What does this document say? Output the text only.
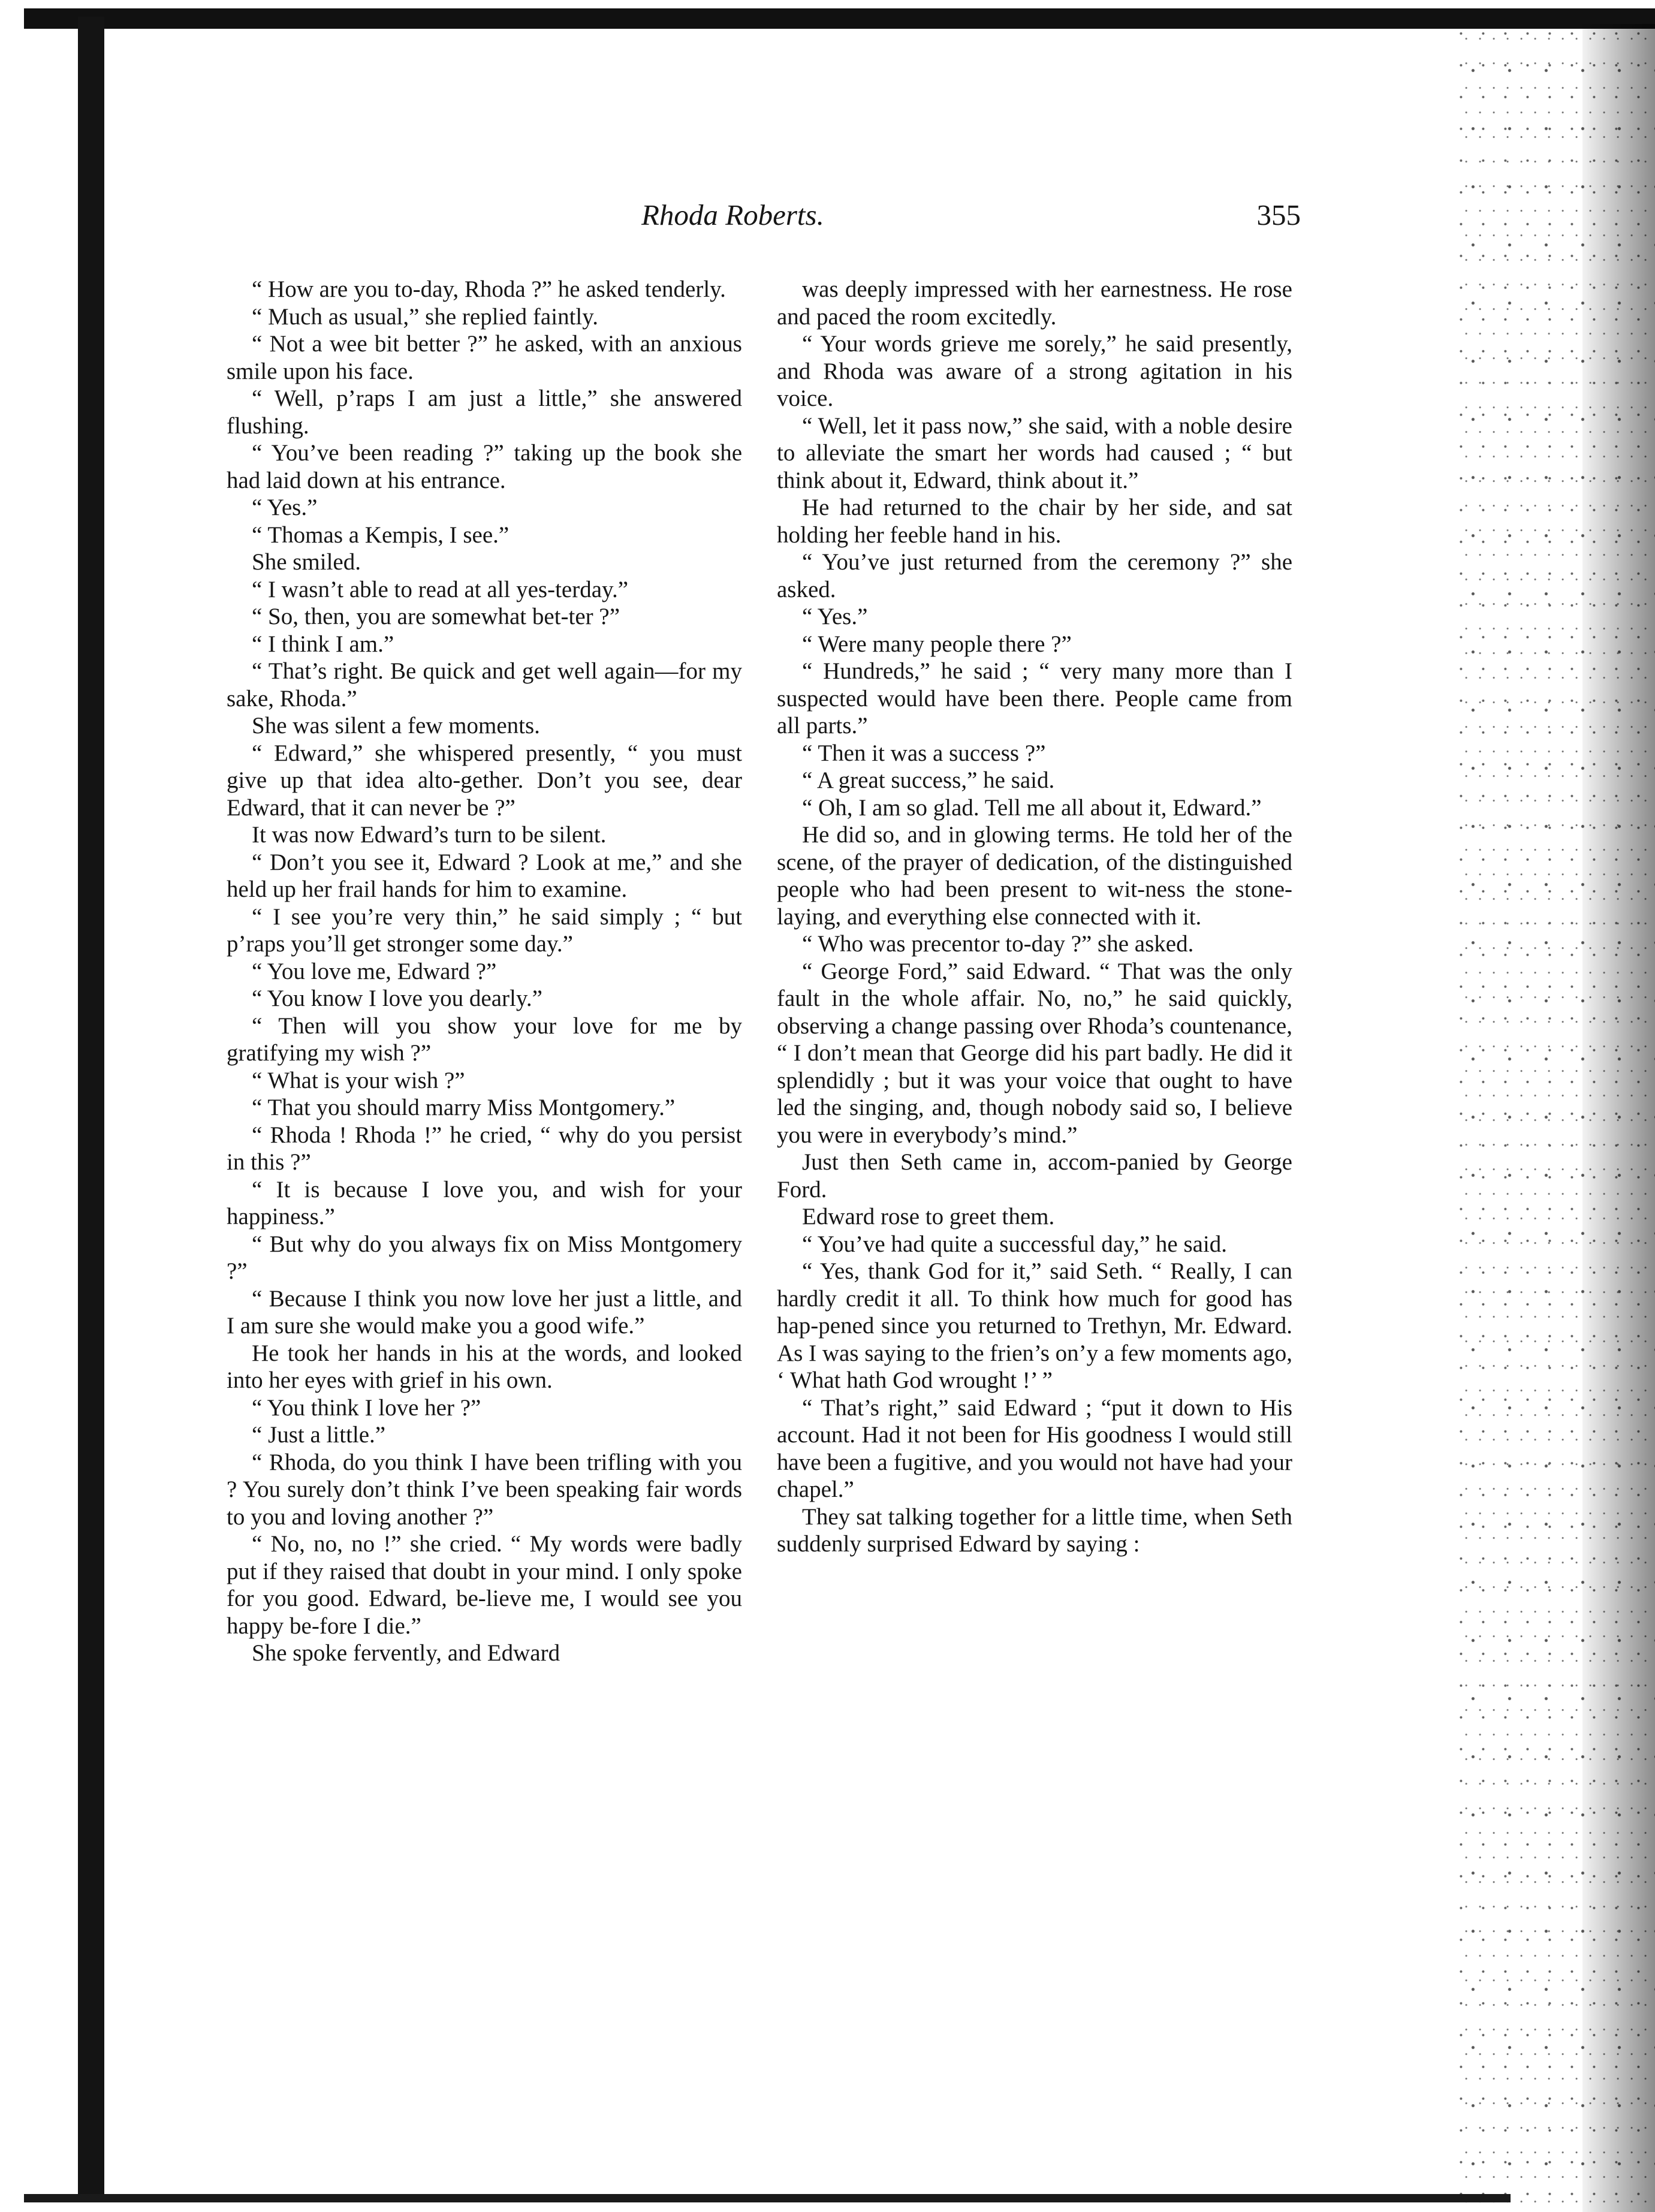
Rhoda Roberts.	355

“ How are you to-day, Rhoda ?” he asked tenderly.

“ Much as usual,” she replied faintly.

“ Not a wee bit better ?” he asked, with an anxious smile upon his face.

“ Well, p’raps I am just a little,” she answered flushing.

“ You’ve been reading ?” taking up the book she had laid down at his entrance.

“ Yes.”

“ Thomas a Kempis, I see.”

She smiled.

“ I wasn’t able to read at all yes-terday.”

“ So, then, you are somewhat bet-ter ?”

“ I think I am.”

“ That’s right. Be quick and get well again—for my sake, Rhoda.”

She was silent a few moments.

“ Edward,” she whispered presently, “ you must give up that idea alto-gether. Don’t you see, dear Edward, that it can never be ?”

It was now Edward’s turn to be silent.

“ Don’t you see it, Edward ? Look at me,” and she held up her frail hands for him to examine.

“ I see you’re very thin,” he said simply ; “ but p’raps you’ll get stronger some day.”

“ You love me, Edward ?”

“ You know I love you dearly.”

“ Then will you show your love for me by gratifying my wish ?”

“ What is your wish ?”

“ That you should marry Miss Montgomery.”

“ Rhoda ! Rhoda !” he cried, “ why do you persist in this ?”

“ It is because I love you, and wish for your happiness.”

“ But why do you always fix on Miss Montgomery ?”

“ Because I think you now love her just a little, and I am sure she would make you a good wife.”

He took her hands in his at the words, and looked into her eyes with grief in his own.

“ You think I love her ?”

“ Just a little.”

“ Rhoda, do you think I have been trifling with you ? You surely don’t think I’ve been speaking fair words to you and loving another ?”

“ No, no, no !” she cried. “ My words were badly put if they raised that doubt in your mind. I only spoke for you good. Edward, be-lieve me, I would see you happy be-fore I die.”

She spoke fervently, and Edward

was deeply impressed with her earnestness. He rose and paced the room excitedly.

“ Your words grieve me sorely,” he said presently, and Rhoda was aware of a strong agitation in his voice.

“ Well, let it pass now,” she said, with a noble desire to alleviate the smart her words had caused ; “ but think about it, Edward, think about it.”

He had returned to the chair by her side, and sat holding her feeble hand in his.

“ You’ve just returned from the ceremony ?” she asked.

“ Yes.”

“ Were many people there ?”

“ Hundreds,” he said ; “ very many more than I suspected would have been there. People came from all parts.”

“ Then it was a success ?”

“ A great success,” he said.

“ Oh, I am so glad. Tell me all about it, Edward.”

He did so, and in glowing terms. He told her of the scene, of the prayer of dedication, of the distinguished people who had been present to wit-ness the stone-laying, and everything else connected with it.

“ Who was precentor to-day ?” she asked.

“ George Ford,” said Edward. “ That was the only fault in the whole affair. No, no,” he said quickly, observing a change passing over Rhoda’s countenance, “ I don’t mean that George did his part badly. He did it splendidly ; but it was your voice that ought to have led the singing, and, though nobody said so, I believe you were in everybody’s mind.”

Just then Seth came in, accom-panied by George Ford.

Edward rose to greet them.

“ You’ve had quite a successful day,” he said.

“ Yes, thank God for it,” said Seth. “ Really, I can hardly credit it all. To think how much for good has hap-pened since you returned to Trethyn, Mr. Edward. As I was saying to the frien’s on’y a few moments ago, ‘ What hath God wrought !’ ”

“ That’s right,” said Edward ; “put it down to His account. Had it not been for His goodness I would still have been a fugitive, and you would not have had your chapel.”

They sat talking together for a little time, when Seth suddenly surprised Edward by saying :
